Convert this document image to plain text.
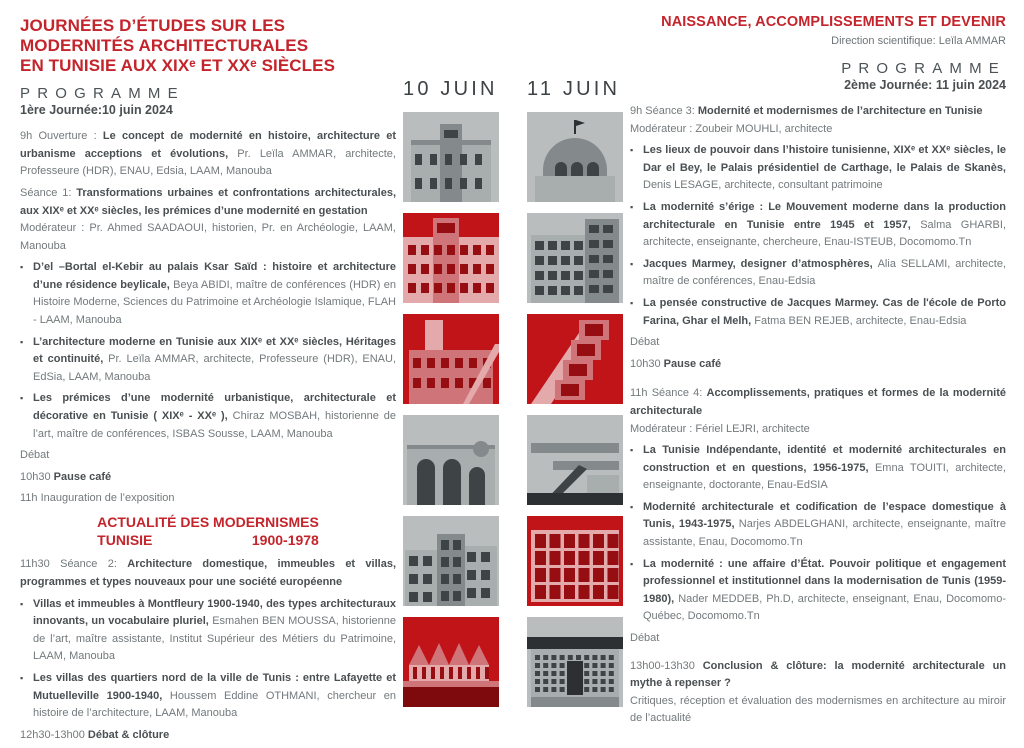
JOURNÉES D’ÉTUDES SUR LES MODERNITÉS ARCHITECTURALES
EN TUNISIE AUX XIXᵉ ET XXᵉ SIÈCLES
PROGRAMME
1ère Journée:10 juin 2024

9h Ouverture : Le concept de modernité en histoire, architecture et urbanisme acceptions et évolutions, Pr. Leïla AMMAR, architecte, Professeure (HDR), ENAU, Edsia, LAAM, Manouba

Séance 1: Transformations urbaines et confrontations architecturales, aux XIXᵉ et XXᵉ siècles, les prémices d’une modernité en gestation
Modérateur : Pr. Ahmed SAADAOUI, historien, Pr. en Archéologie, LAAM, Manouba

▪ D’el –Bortal el-Kebir au palais Ksar Saïd : histoire et architecture d’une résidence beylicale, Beya ABIDI, maître de conférences (HDR) en Histoire Moderne, Sciences du Patrimoine et Archéologie Islamique, FLAH - LAAM, Manouba

▪ L’architecture moderne en Tunisie aux XIXᵉ et XXᵉ siècles, Héritages et continuité, Pr. Leïla AMMAR, architecte, Professeure (HDR), ENAU, EdSia, LAAM, Manouba

▪ Les prémices d’une modernité urbanistique, architecturale et décorative en Tunisie ( XIXᵉ - XXᵉ ), Chiraz MOSBAH, historienne de l’art, maître de conférences, ISBAS Sousse, LAAM, Manouba

Débat

10h30 Pause café

11h Inauguration de l’exposition

ACTUALITÉ DES MODERNISMES
TUNISIE	1900-1978

11h30 Séance 2: Architecture domestique, immeubles et villas, programmes et types nouveaux pour une société européenne

▪ Villas et immeubles à Montfleury 1900-1940, des types architecturaux innovants, un vocabulaire pluriel, Esmahen BEN MOUSSA, historienne de l’art, maître assistante, Institut Supérieur des Métiers du Patrimoine, LAAM, Manouba

▪ Les villas des quartiers nord de la ville de Tunis : entre Lafayette et Mutuelleville 1900-1940, Houssem Eddine OTHMANI, chercheur en histoire de l’architecture, LAAM, Manouba

12h30-13h00 Débat & clôture

10 JUIN 11 JUIN
NAISSANCE, ACCOMPLISSEMENTS ET DEVENIR
Direction scientifique: Leïla AMMAR
PROGRAMME
2ème Journée: 11 juin 2024

9h Séance 3: Modernité et modernismes de l’architecture en Tunisie
Modérateur : Zoubeir MOUHLI, architecte

▪ Les lieux de pouvoir dans l’histoire tunisienne, XIXᵉ et XXᵉ siècles, le Dar el Bey, le Palais présidentiel de Carthage, le Palais de Skanès, Denis LESAGE, architecte, consultant patrimoine

▪ La modernité s’érige : Le Mouvement moderne dans la production architecturale en Tunisie entre 1945 et 1957, Salma GHARBI, architecte, enseignante, chercheure, Enau-ISTEUB, Docomomo.Tn

▪ Jacques Marmey, designer d’atmosphères, Alia SELLAMI, architecte, maître de conférences, Enau-Edsia

▪ La pensée constructive de Jacques Marmey. Cas de l'école de Porto Farina, Ghar el Melh, Fatma BEN REJEB, architecte, Enau-Edsia

Débat

10h30 Pause café

11h Séance 4: Accomplissements, pratiques et formes de la modernité architecturale
Modérateur : Fériel LEJRI, architecte

▪ La Tunisie Indépendante, identité et modernité architecturales en construction et en questions, 1956-1975, Emna TOUITI, architecte, enseignante, doctorante, Enau-EdSIA

▪ Modernité architecturale et codification de l’espace domestique à Tunis, 1943-1975, Narjes ABDELGHANI, architecte, enseignante, maître assistante, Enau, Docomomo.Tn

▪ La modernité : une affaire d’État. Pouvoir politique et engagement professionnel et institutionnel dans la modernisation de Tunis (1959-1980), Nader MEDDEB, Ph.D, architecte, enseignant, Enau, Docomomo-Québec, Docomomo.Tn

Débat

13h00-13h30 Conclusion & clôture: la modernité architecturale un mythe à repenser ?
Critiques, réception et évaluation des modernismes en architecture au miroir de l’actualité
